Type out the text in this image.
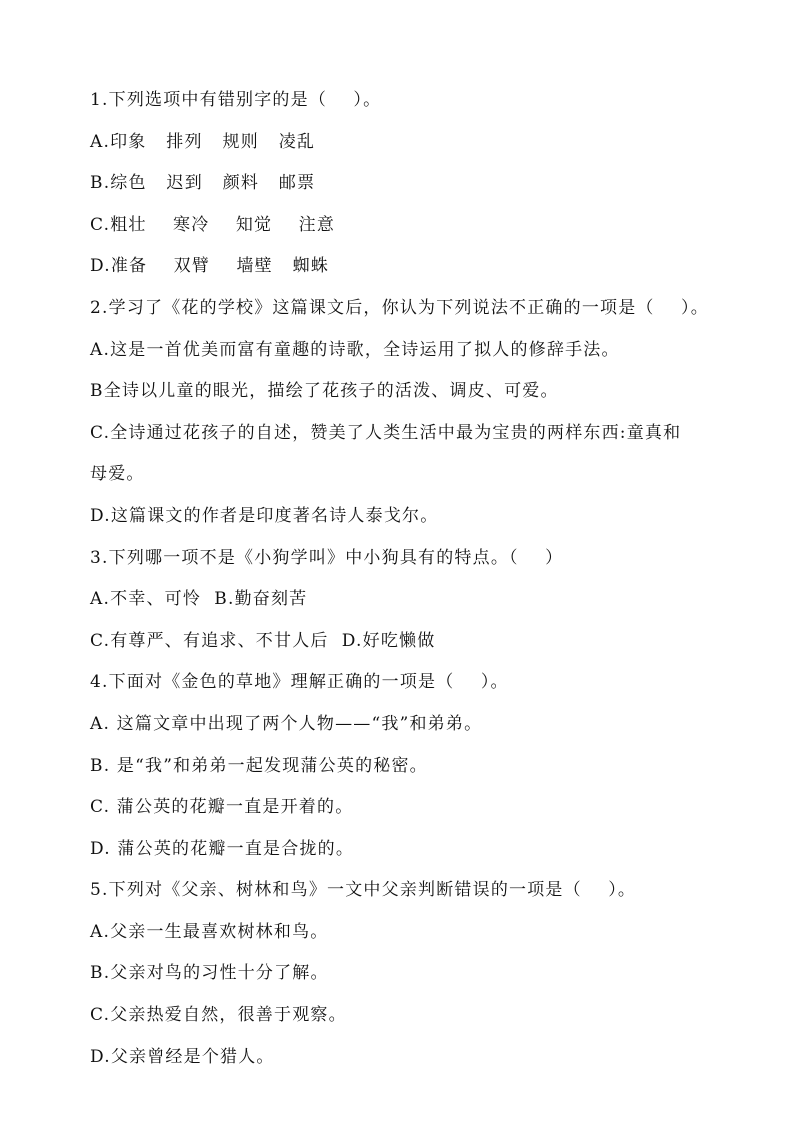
1.下列选项中有错别字的是（    ）。
A.印象   排列   规则   凌乱
B.综色   迟到   颜料   邮票
C.粗壮    寒冷    知觉    注意
D.准备    双臂    墙壁   蜘蛛
2.学习了《花的学校》这篇课文后，你认为下列说法不正确的一项是（    ）。
A.这是一首优美而富有童趣的诗歌，全诗运用了拟人的修辞手法。
B全诗以儿童的眼光，描绘了花孩子的活泼、调皮、可爱。
C.全诗通过花孩子的自述，赞美了人类生活中最为宝贵的两样东西:童真和
母爱。
D.这篇课文的作者是印度著名诗人泰戈尔。
3.下列哪一项不是《小狗学叫》中小狗具有的特点。（    ）
A.不幸、可怜  B.勤奋刻苦
C.有尊严、有追求、不甘人后  D.好吃懒做
4.下面对《金色的草地》理解正确的一项是（    ）。
A. 这篇文章中出现了两个人物——“我”和弟弟。
B. 是“我”和弟弟一起发现蒲公英的秘密。
C. 蒲公英的花瓣一直是开着的。
D. 蒲公英的花瓣一直是合拢的。
5.下列对《父亲、树林和鸟》一文中父亲判断错误的一项是（    ）。
A.父亲一生最喜欢树林和鸟。
B.父亲对鸟的习性十分了解。
C.父亲热爱自然，很善于观察。
D.父亲曾经是个猎人。
